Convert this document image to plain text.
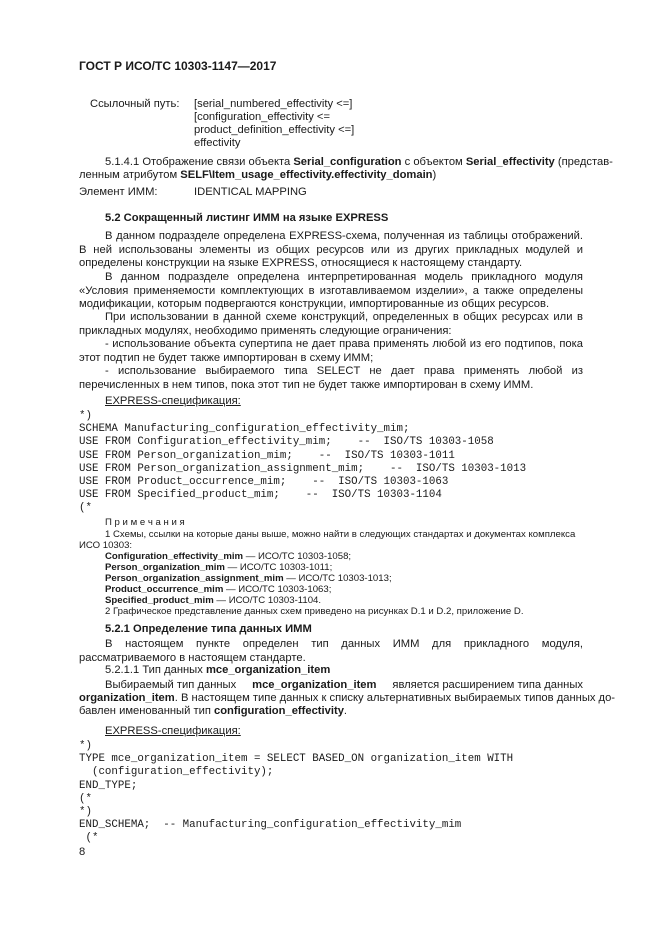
ГОСТ Р ИСО/ТС 10303-1147—2017
Ссылочный путь: [serial_numbered_effectivity <=]
[configuration_effectivity <=
product_definition_effectivity <=]
effectivity
5.1.4.1 Отображение связи объекта Serial_configuration с объектом Serial_effectivity (представ-
ленным атрибутом SELF\Item_usage_effectivity.effectivity_domain)
Элемент ИММ:	IDENTICAL MAPPING
5.2 Сокращенный листинг ИММ на языке EXPRESS
В данном подразделе определена EXPRESS-схема, полученная из таблицы отображений. В ней использованы элементы из общих ресурсов или из других прикладных модулей и определены конструкции на языке EXPRESS, относящиеся к настоящему стандарту.
В данном подразделе определена интерпретированная модель прикладного модуля «Условия применяемости комплектующих в изготавливаемом изделии», а также определены модификации, которым подвергаются конструкции, импортированные из общих ресурсов.
При использовании в данной схеме конструкций, определенных в общих ресурсах или в прикладных модулях, необходимо применять следующие ограничения:
- использование объекта супертипа не дает права применять любой из его подтипов, пока этот подтип не будет также импортирован в схему ИММ;
- использование выбираемого типа SELECT не дает права применять любой из перечисленных в нем типов, пока этот тип не будет также импортирован в схему ИММ.
EXPRESS-спецификация:
*)
SCHEMA Manufacturing_configuration_effectivity_mim;
USE FROM Configuration_effectivity_mim;    --  ISO/TS 10303-1058
USE FROM Person_organization_mim;    --  ISO/TS 10303-1011
USE FROM Person_organization_assignment_mim;    --  ISO/TS 10303-1013
USE FROM Product_occurrence_mim;    --  ISO/TS 10303-1063
USE FROM Specified_product_mim;    --  ISO/TS 10303-1104
(*
П р и м е ч а н и я
1 Схемы, ссылки на которые даны выше, можно найти в следующих стандартах и документах комплекса
ИСО 10303:
Configuration_effectivity_mim — ИСО/ТС 10303-1058;
Person_organization_mim — ИСО/ТС 10303-1011;
Person_organization_assignment_mim — ИСО/ТС 10303-1013;
Product_occurrence_mim — ИСО/ТС 10303-1063;
Specified_product_mim — ИСО/ТС 10303-1104.
2 Графическое представление данных схем приведено на рисунках D.1 и D.2, приложение D.
5.2.1 Определение типа данных ИММ
В настоящем пункте определен тип данных ИММ для прикладного модуля, рассматриваемого в настоящем стандарте.
5.2.1.1 Тип данных mce_organization_item
Выбираемый тип данных mce_organization_item является расширением типа данных
organization_item. В настоящем типе данных к списку альтернативных выбираемых типов данных до-
бавлен именованный тип configuration_effectivity.
EXPRESS-спецификация:
*)
TYPE mce_organization_item = SELECT BASED_ON organization_item WITH
(configuration_effectivity);
END_TYPE;
(*
*)
END_SCHEMA;  -- Manufacturing_configuration_effectivity_mim
(*
8
